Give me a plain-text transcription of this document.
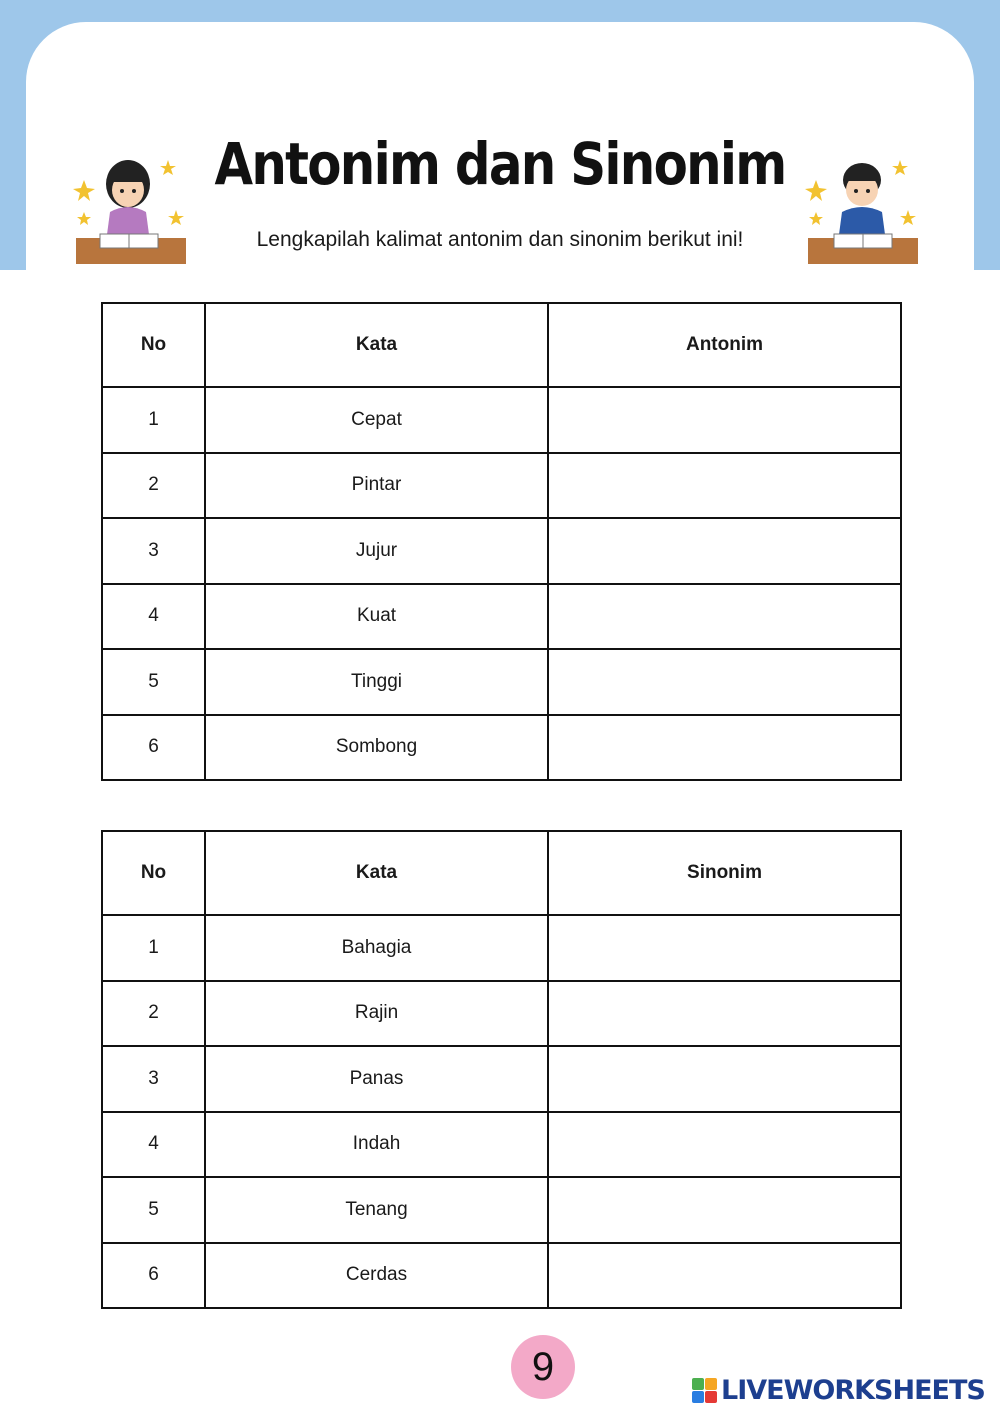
Antonim dan Sinonim

Lengkapilah kalimat antonim dan sinonim berikut ini!

No	Kata	Antonim
1	Cepat	

2	Pintar	

3	Jujur	

4	Kuat	

5	Tinggi	

6	Sombong	
No	Kata	Sinonim
1	Bahagia	

2	Rajin	

3	Panas	

4	Indah	

5	Tenang	

6	Cerdas	
9
LIVEWORKSHEETS
